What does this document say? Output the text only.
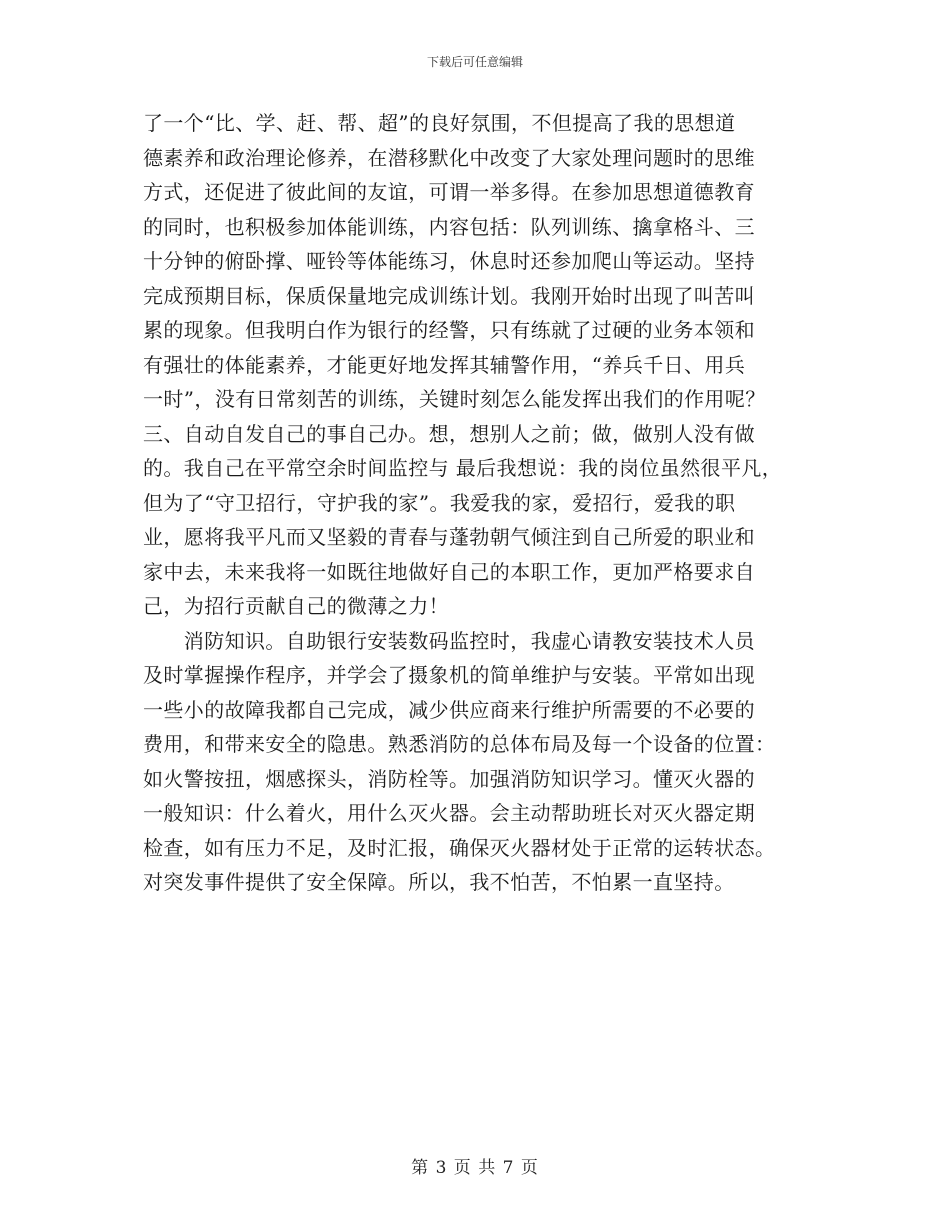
下载后可任意编辑
了一个“比、学、赶、帮、超”的良好氛围，不但提高了我的思想道
德素养和政治理论修养，在潜移默化中改变了大家处理问题时的思维
方式，还促进了彼此间的友谊，可谓一举多得。在参加思想道德教育
的同时，也积极参加体能训练，内容包括：队列训练、擒拿格斗、三
十分钟的俯卧撑、哑铃等体能练习，休息时还参加爬山等运动。坚持
完成预期目标，保质保量地完成训练计划。我刚开始时出现了叫苦叫
累的现象。但我明白作为银行的经警，只有练就了过硬的业务本领和
有强壮的体能素养，才能更好地发挥其辅警作用，“养兵千日、用兵
一时”，没有日常刻苦的训练，关键时刻怎么能发挥出我们的作用呢？
三、自动自发自己的事自己办。想，想别人之前；做，做别人没有做
的。我自己在平常空余时间监控与 最后我想说：我的岗位虽然很平凡，
但为了“守卫招行，守护我的家”。我爱我的家，爱招行，爱我的职
业，愿将我平凡而又坚毅的青春与蓬勃朝气倾注到自己所爱的职业和
家中去，未来我将一如既往地做好自己的本职工作，更加严格要求自
己，为招行贡献自己的微薄之力！
　　消防知识。自助银行安装数码监控时，我虚心请教安装技术人员
及时掌握操作程序，并学会了摄象机的简单维护与安装。平常如出现
一些小的故障我都自己完成，减少供应商来行维护所需要的不必要的
费用，和带来安全的隐患。熟悉消防的总体布局及每一个设备的位置：
如火警按扭，烟感探头，消防栓等。加强消防知识学习。懂灭火器的
一般知识：什么着火，用什么灭火器。会主动帮助班长对灭火器定期
检查，如有压力不足，及时汇报，确保灭火器材处于正常的运转状态。
对突发事件提供了安全保障。所以，我不怕苦，不怕累一直坚持。
第 3 页 共 7 页
